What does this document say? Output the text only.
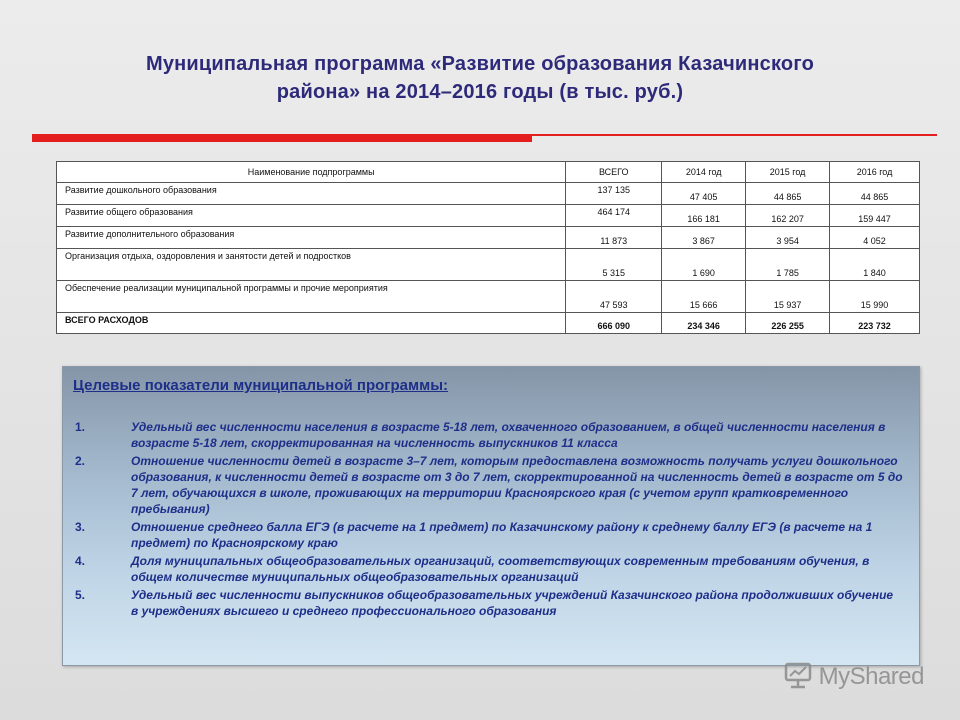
Муниципальная программа «Развитие образования Казачинского
района» на 2014–2016 годы (в тыс. руб.)
Наименование подпрограммы	ВСЕГО	2014 год	2015 год	2016 год
Развитие дошкольного образования	137 135	47 405	44 865	44 865
Развитие общего образования	464 174	166 181	162 207	159 447
Развитие дополнительного образования	11 873	3 867	3 954	4 052
Организация отдыха, оздоровления и занятости детей и подростков	5 315	1 690	1 785	1 840
Обеспечение реализации муниципальной программы и прочие мероприятия	47 593	15 666	15 937	15 990
ВСЕГО РАСХОДОВ	666 090	234 346	226 255	223 732
Целевые показатели муниципальной программы:
1.	Удельный вес численности населения в возрасте 5-18 лет, охваченного образованием, в общей численности населения в возрасте 5-18 лет, скорректированная на численность выпускников 11 класса
2.	Отношение численности детей в возрасте 3–7 лет, которым предоставлена возможность получать услуги дошкольного образования, к численности детей в возрасте от 3 до 7 лет, скорректированной на численность детей в возрасте от 5 до 7 лет, обучающихся в школе, проживающих на территории Красноярского края (с учетом групп кратковременного пребывания)
3.	Отношение среднего балла ЕГЭ (в расчете на 1 предмет) по Казачинскому району к среднему баллу ЕГЭ (в расчете на 1 предмет) по Красноярскому краю
4.	Доля муниципальных общеобразовательных организаций, соответствующих современным требованиям обучения, в общем количестве муниципальных общеобразовательных организаций
5.	Удельный вес численности выпускников общеобразовательных учреждений Казачинского района продолживших обучение в учреждениях высшего и среднего профессионального образования
MyShared
